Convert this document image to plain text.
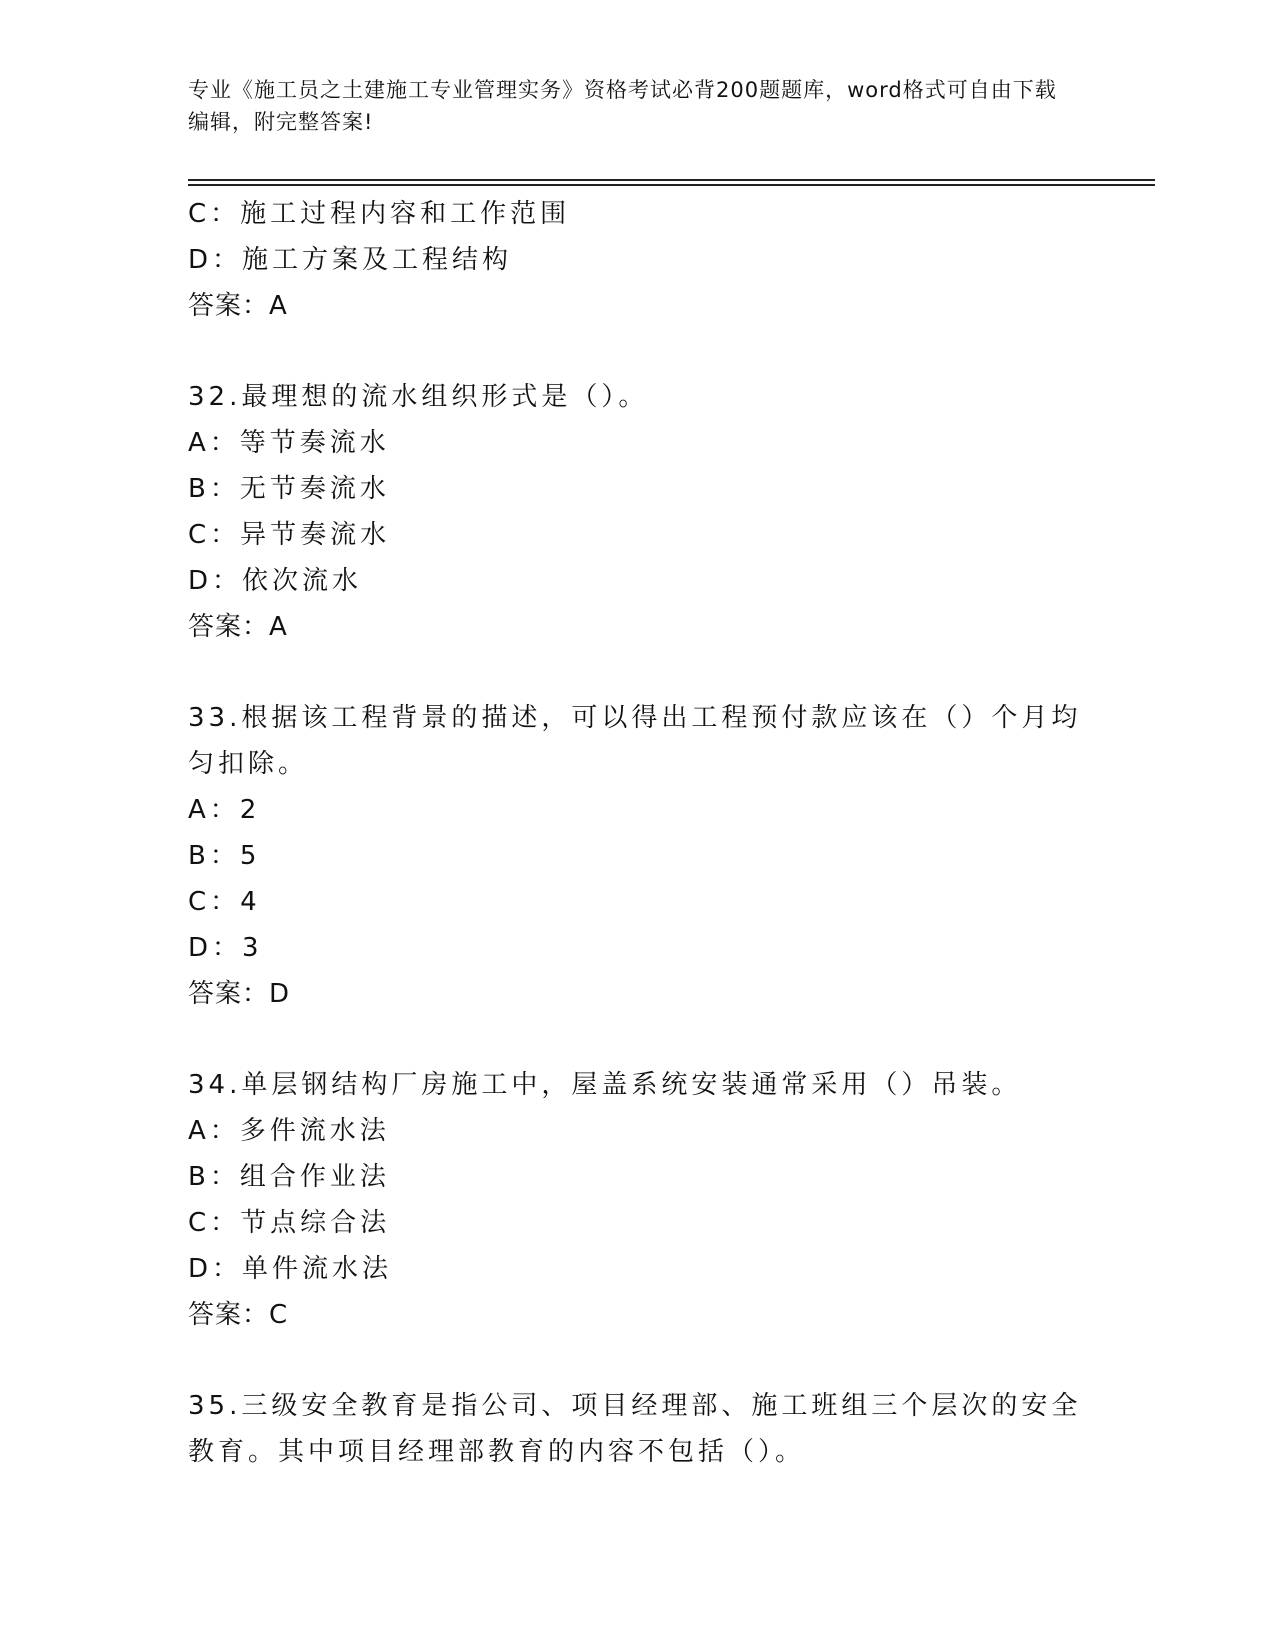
专业《施工员之土建施工专业管理实务》资格考试必背200题题库，word格式可自由下载编辑，附完整答案!
C：施工过程内容和工作范围
D：施工方案及工程结构
答案：A
32.最理想的流水组织形式是（）。
A：等节奏流水
B：无节奏流水
C：异节奏流水
D：依次流水
答案：A
33.根据该工程背景的描述，可以得出工程预付款应该在（）个月均匀扣除。
A：2
B：5
C：4
D：3
答案：D
34.单层钢结构厂房施工中，屋盖系统安装通常采用（）吊装。
A：多件流水法
B：组合作业法
C：节点综合法
D：单件流水法
答案：C
35.三级安全教育是指公司、项目经理部、施工班组三个层次的安全教育。其中项目经理部教育的内容不包括（）。
